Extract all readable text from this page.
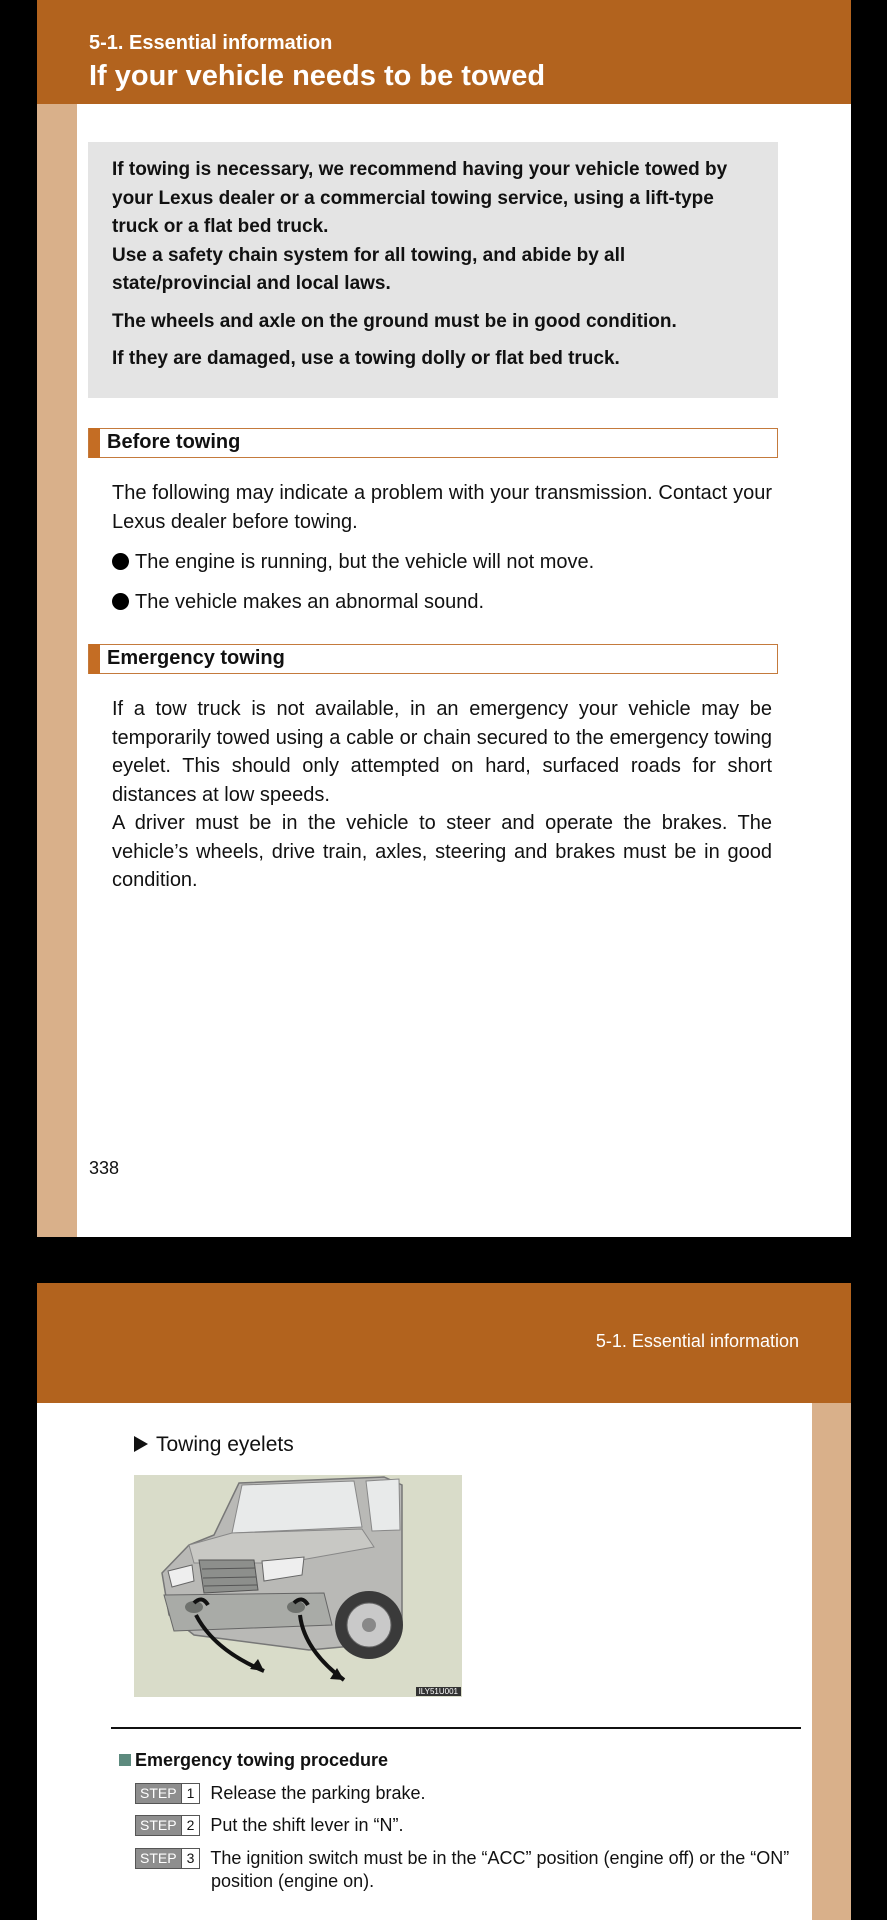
5-1. Essential information
If your vehicle needs to be towed

If towing is necessary, we recommend having your vehicle towed by your Lexus dealer or a commercial towing service, using a lift-type truck or a flat bed truck.

Use a safety chain system for all towing, and abide by all state/provincial and local laws.

The wheels and axle on the ground must be in good condition.

If they are damaged, use a towing dolly or flat bed truck.

Before towing

The following may indicate a problem with your transmission. Contact your Lexus dealer before towing.

The engine is running, but the vehicle will not move.
The vehicle makes an abnormal sound.
Emergency towing

If a tow truck is not available, in an emergency your vehicle may be temporarily towed using a cable or chain secured to the emergency towing eyelet. This should only attempted on hard, surfaced roads for short distances at low speeds.

A driver must be in the vehicle to steer and operate the brakes. The vehicle’s wheels, drive train, axles, steering and brakes must be in good condition.

338
5-1. Essential information
Towing eyelets
ILY51U001
Emergency towing procedure
STEP 1 Release the parking brake.
STEP 2 Put the shift lever in “N”.
STEP 3 The ignition switch must be in the “ACC” position (engine off) or the “ON”
position (engine on).
